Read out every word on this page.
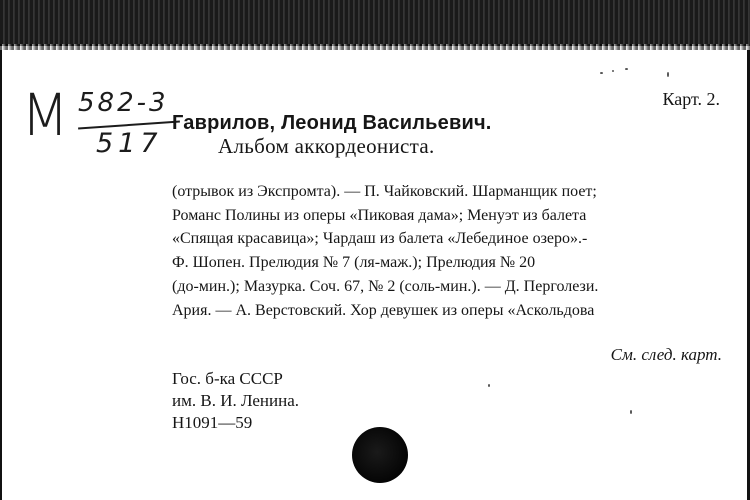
M 582-3
517
Карт. 2.
Гаврилов, Леонид Васильевич.
Альбом аккордеониста.
(отрывок из Экспромта). — П. Чайковский. Шарманщик поет;
Романс Полины из оперы «Пиковая дама»; Менуэт из балета
«Спящая красавица»; Чардаш из балета «Лебединое озеро».-
Ф. Шопен. Прелюдия № 7 (ля-маж.); Прелюдия № 20
(до-мин.); Мазурка. Соч. 67, № 2 (соль-мин.). — Д. Перголези.
Ария. — А. Верстовский. Хор девушек из оперы «Аскольдова
См. след. карт.
Гос. б-ка СССР
им. В. И. Ленина.
Н1091—59
